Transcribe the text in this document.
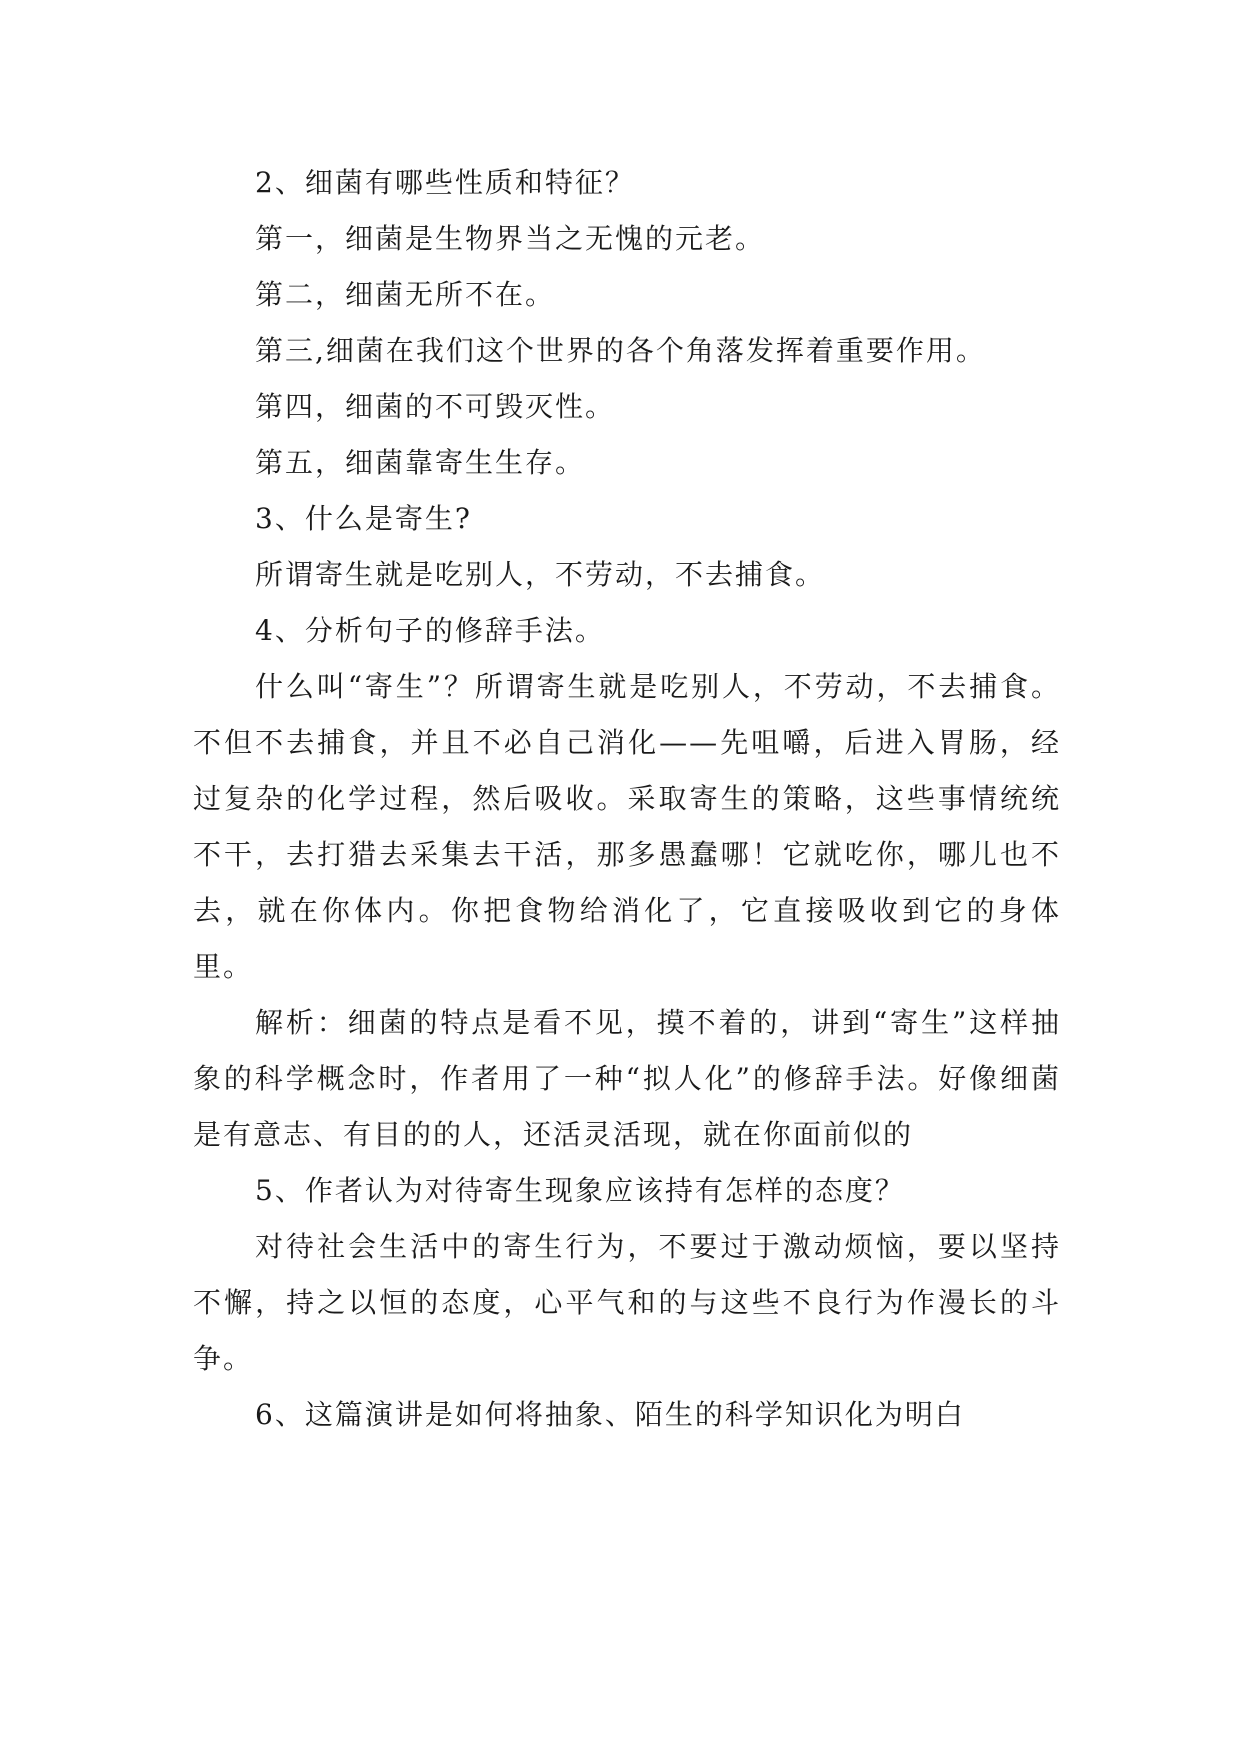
2、细菌有哪些性质和特征？

第一，细菌是生物界当之无愧的元老。

第二，细菌无所不在。

第三,细菌在我们这个世界的各个角落发挥着重要作用。

第四，细菌的不可毁灭性。

第五，细菌靠寄生生存。

3、什么是寄生?

所谓寄生就是吃别人，不劳动，不去捕食。

4、分析句子的修辞手法。

什么叫“寄生”？所谓寄生就是吃别人，不劳动，不去捕食。不但不去捕食，并且不必自己消化——先咀嚼，后进入胃肠，经过复杂的化学过程，然后吸收。采取寄生的策略，这些事情统统不干，去打猎去采集去干活，那多愚蠢哪！它就吃你，哪儿也不去，就在你体内。你把食物给消化了，它直接吸收到它的身体里。

解析：细菌的特点是看不见，摸不着的，讲到“寄生”这样抽象的科学概念时，作者用了一种“拟人化”的修辞手法。好像细菌是有意志、有目的的人，还活灵活现，就在你面前似的

5、作者认为对待寄生现象应该持有怎样的态度？

对待社会生活中的寄生行为，不要过于激动烦恼，要以坚持不懈，持之以恒的态度，心平气和的与这些不良行为作漫长的斗争。

6、这篇演讲是如何将抽象、陌生的科学知识化为明白
